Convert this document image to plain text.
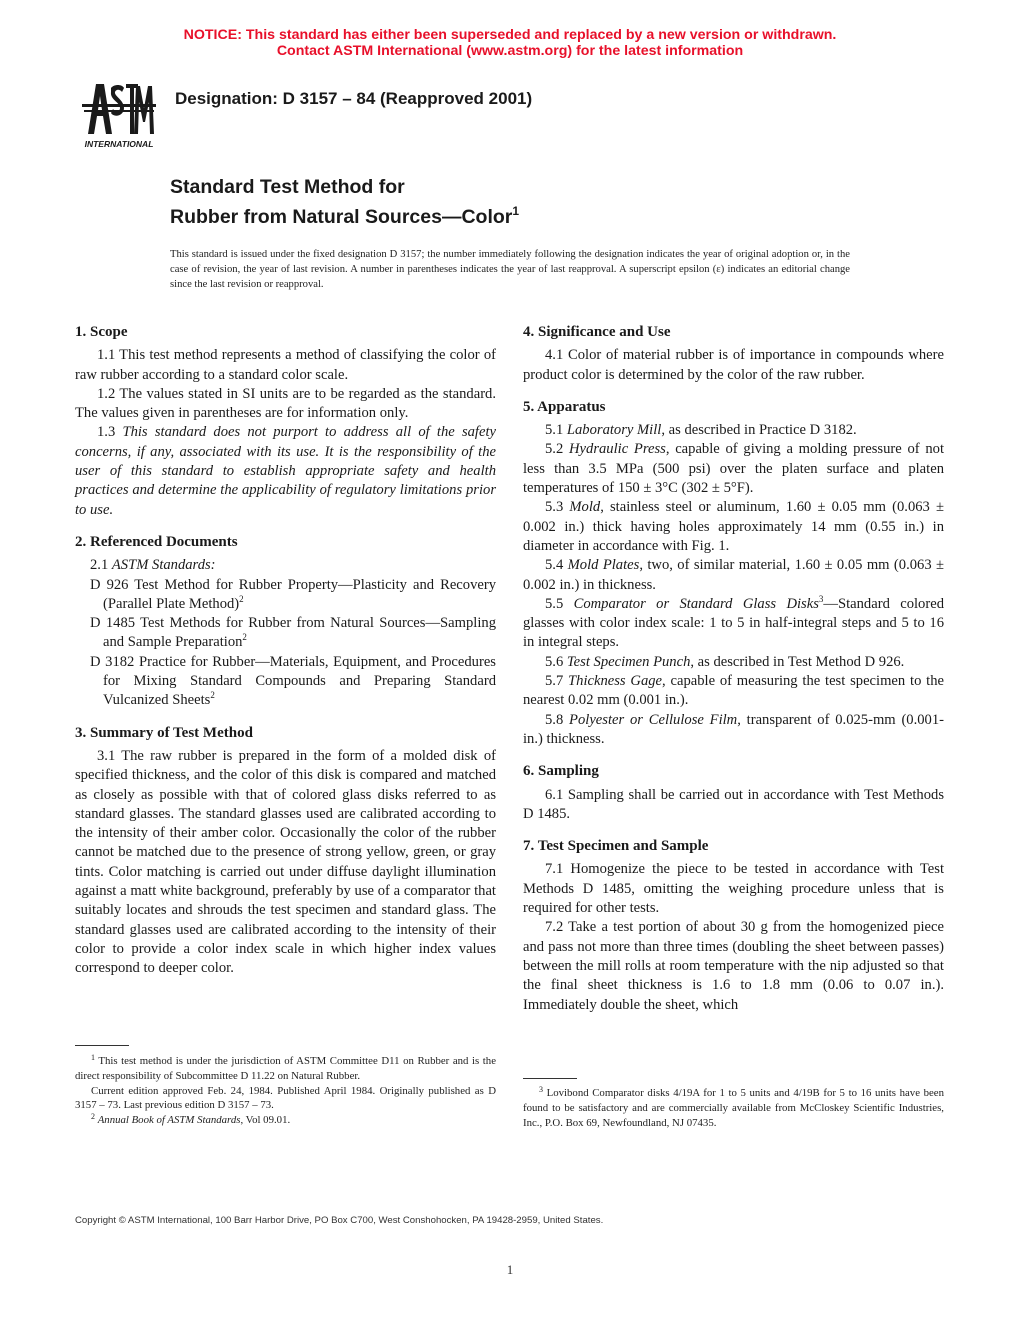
NOTICE: This standard has either been superseded and replaced by a new version or withdrawn.
Contact ASTM International (www.astm.org) for the latest information
INTERNATIONAL
Designation: D 3157 – 84 (Reapproved 2001)
Standard Test Method for
Rubber from Natural Sources—Color$^1$
This standard is issued under the fixed designation D 3157; the number immediately following the designation indicates the year of original adoption or, in the case of revision, the year of last revision. A number in parentheses indicates the year of last reapproval. A superscript epsilon (ε) indicates an editorial change since the last revision or reapproval.
1. Scope

1.1 This test method represents a method of classifying the color of raw rubber according to a standard color scale.

1.2 The values stated in SI units are to be regarded as the standard. The values given in parentheses are for information only.

1.3 This standard does not purport to address all of the safety concerns, if any, associated with its use. It is the responsibility of the user of this standard to establish appropriate safety and health practices and determine the applicability of regulatory limitations prior to use.

2. Referenced Documents

2.1 ASTM Standards:

D 926 Test Method for Rubber Property—Plasticity and Recovery (Parallel Plate Method)$^2$

D 1485 Test Methods for Rubber from Natural Sources—Sampling and Sample Preparation$^2$

D 3182 Practice for Rubber—Materials, Equipment, and Procedures for Mixing Standard Compounds and Preparing Standard Vulcanized Sheets$^2$

3. Summary of Test Method

3.1 The raw rubber is prepared in the form of a molded disk of specified thickness, and the color of this disk is compared and matched as closely as possible with that of colored glass disks referred to as standard glasses. The standard glasses used are calibrated according to the intensity of their amber color. Occasionally the color of the rubber cannot be matched due to the presence of strong yellow, green, or gray tints. Color matching is carried out under diffuse daylight illumination against a matt white background, preferably by use of a comparator that suitably locates and shrouds the test specimen and standard glass. The standard glasses used are calibrated according to the intensity of their color to provide a color index scale in which higher index values correspond to deeper color.

4. Significance and Use

4.1 Color of material rubber is of importance in compounds where product color is determined by the color of the raw rubber.

5. Apparatus

5.1 Laboratory Mill, as described in Practice D 3182.

5.2 Hydraulic Press, capable of giving a molding pressure of not less than 3.5 MPa (500 psi) over the platen surface and platen temperatures of 150 ± 3°C (302 ± 5°F).

5.3 Mold, stainless steel or aluminum, 1.60 ± 0.05 mm (0.063 ± 0.002 in.) thick having holes approximately 14 mm (0.55 in.) in diameter in accordance with Fig. 1.

5.4 Mold Plates, two, of similar material, 1.60 ± 0.05 mm (0.063 ± 0.002 in.) in thickness.

5.5 Comparator or Standard Glass Disks$^3$—Standard colored glasses with color index scale: 1 to 5 in half-integral steps and 5 to 16 in integral steps.

5.6 Test Specimen Punch, as described in Test Method D 926.

5.7 Thickness Gage, capable of measuring the test specimen to the nearest 0.02 mm (0.001 in.).

5.8 Polyester or Cellulose Film, transparent of 0.025-mm (0.001-in.) thickness.

6. Sampling

6.1 Sampling shall be carried out in accordance with Test Methods D 1485.

7. Test Specimen and Sample

7.1 Homogenize the piece to be tested in accordance with Test Methods D 1485, omitting the weighing procedure unless that is required for other tests.

7.2 Take a test portion of about 30 g from the homogenized piece and pass not more than three times (doubling the sheet between passes) between the mill rolls at room temperature with the nip adjusted so that the final sheet thickness is 1.6 to 1.8 mm (0.06 to 0.07 in.). Immediately double the sheet, which

$^1$ This test method is under the jurisdiction of ASTM Committee D11 on Rubber and is the direct responsibility of Subcommittee D 11.22 on Natural Rubber.

Current edition approved Feb. 24, 1984. Published April 1984. Originally published as D 3157 – 73. Last previous edition D 3157 – 73.

$^2$ Annual Book of ASTM Standards, Vol 09.01.

$^3$ Lovibond Comparator disks 4/19A for 1 to 5 units and 4/19B for 5 to 16 units have been found to be satisfactory and are commercially available from McCloskey Scientific Industries, Inc., P.O. Box 69, Newfoundland, NJ 07435.

Copyright © ASTM International, 100 Barr Harbor Drive, PO Box C700, West Conshohocken, PA 19428-2959, United States.
1
